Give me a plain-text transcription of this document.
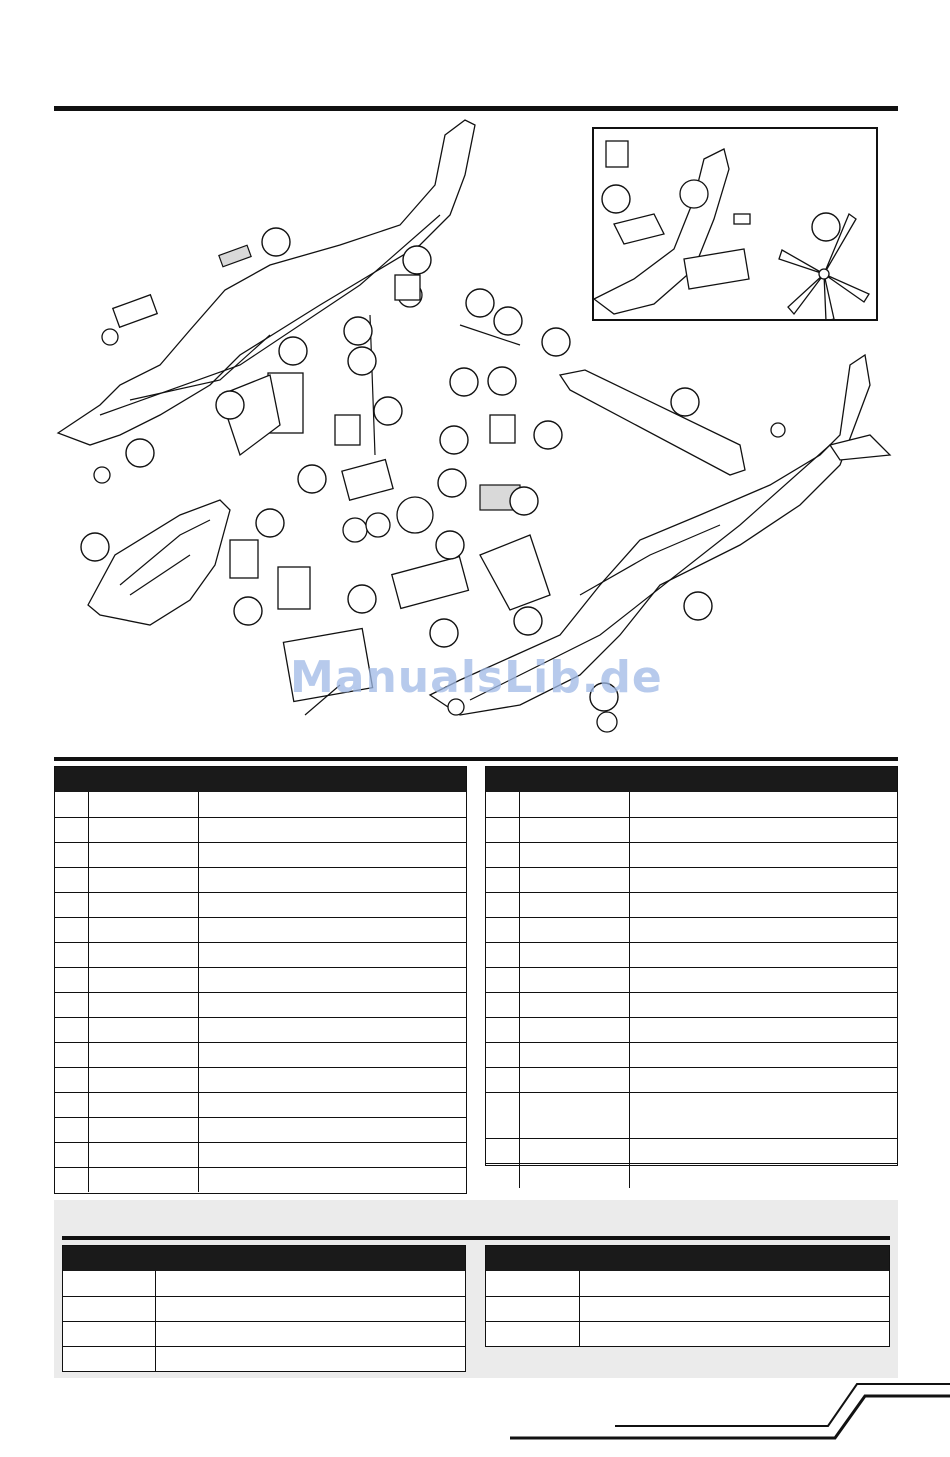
ManualsLib.de
